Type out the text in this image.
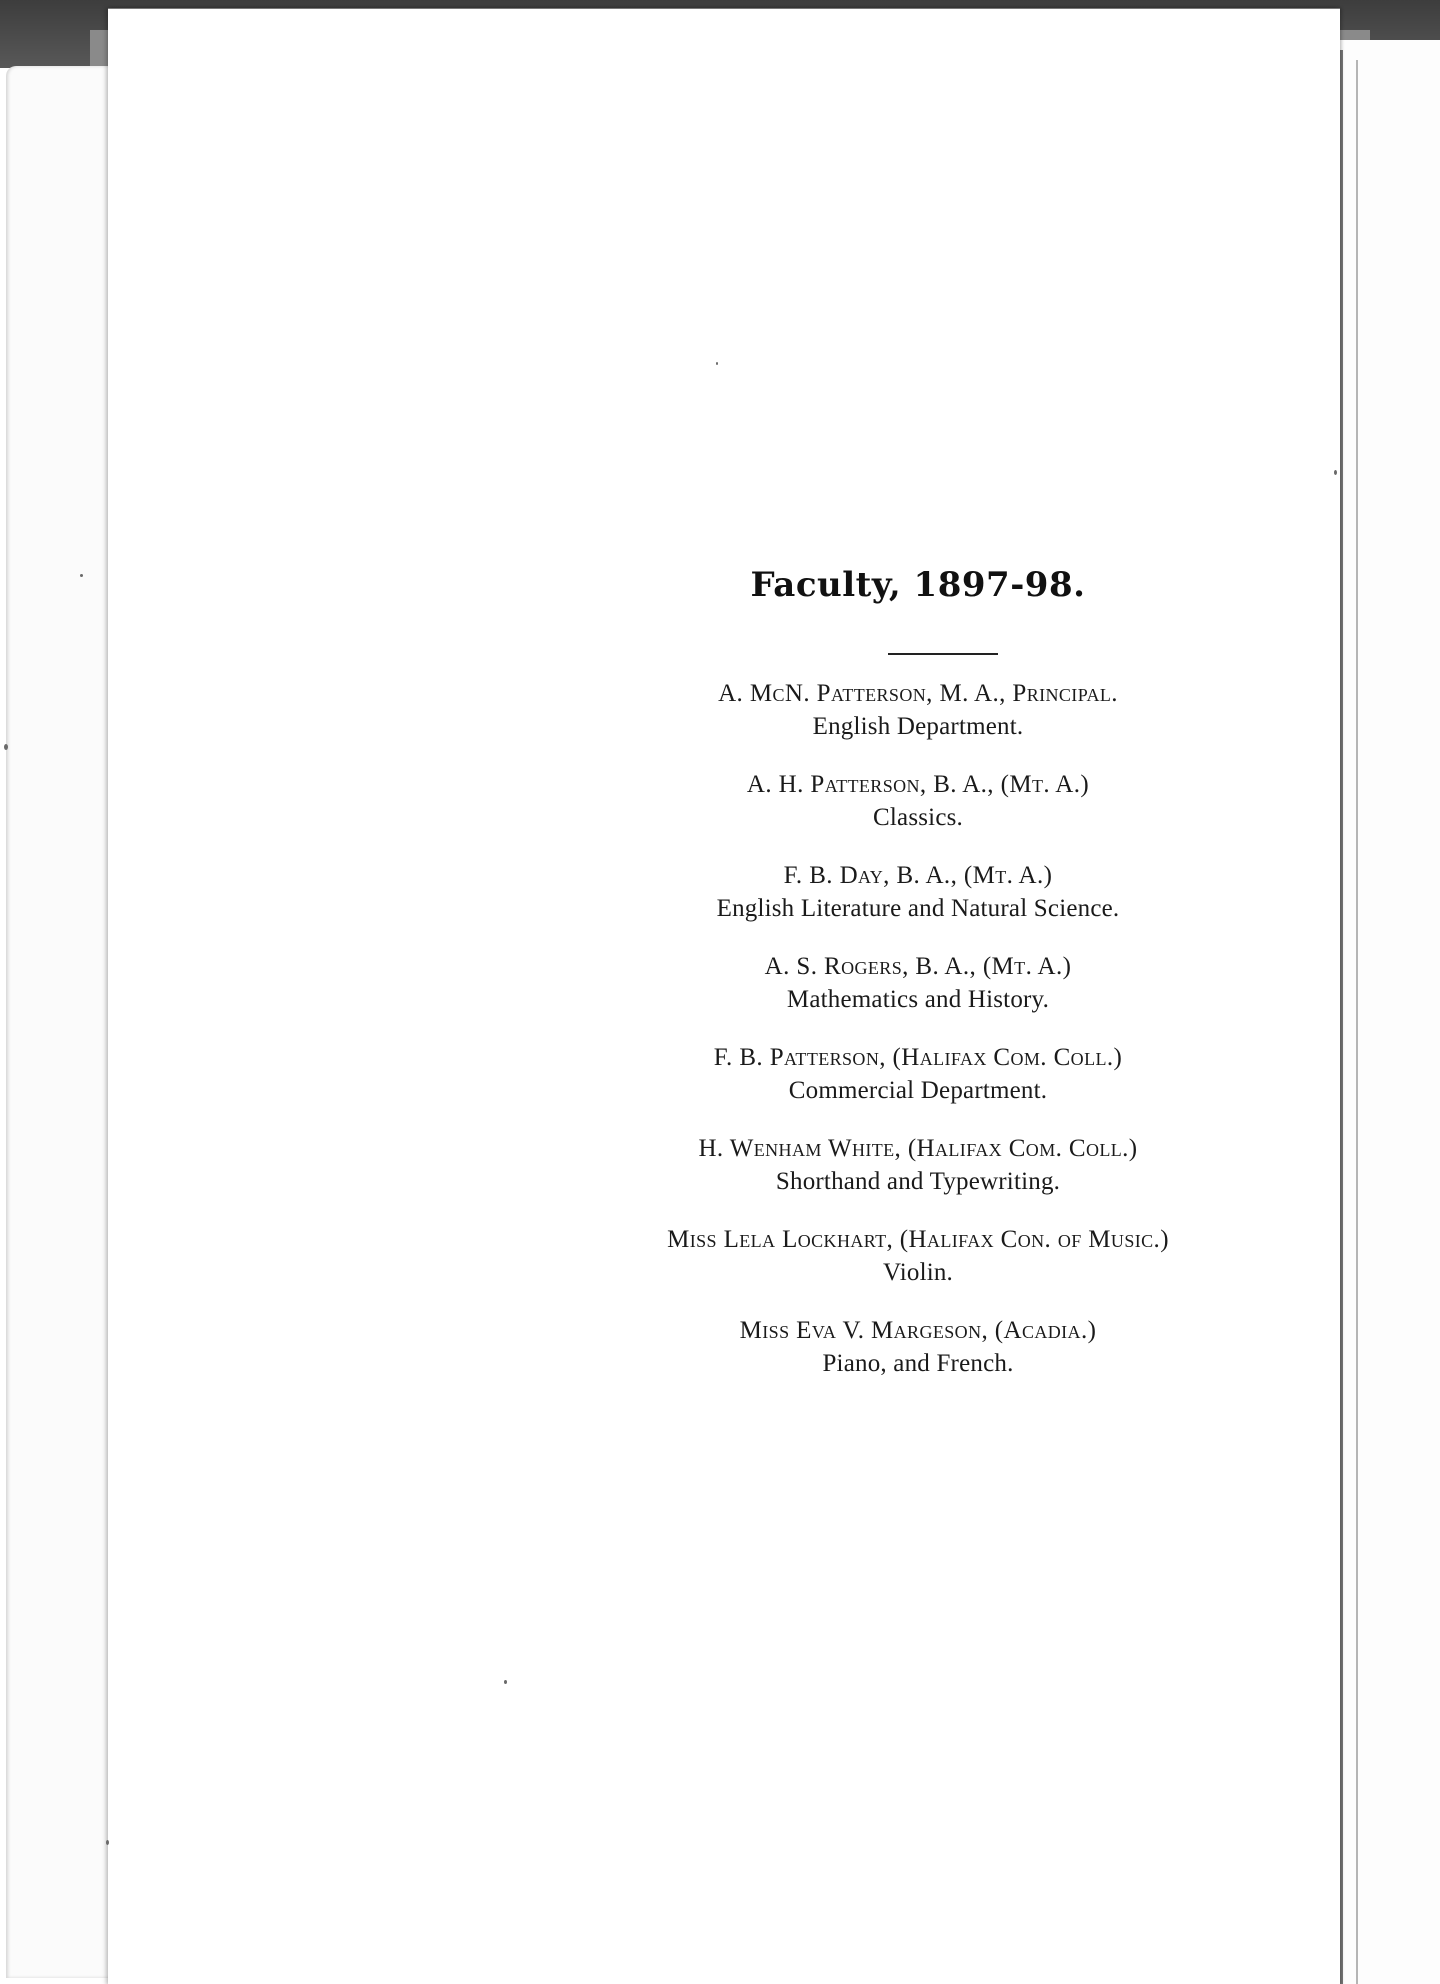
Faculty, 1897-98.
A. McN. Patterson, M. A., Principal.
English Department.
A. H. Patterson, B. A., (Mt. A.)
Classics.
F. B. Day, B. A., (Mt. A.)
English Literature and Natural Science.
A. S. Rogers, B. A., (Mt. A.)
Mathematics and History.
F. B. Patterson, (Halifax Com. Coll.)
Commercial Department.
H. Wenham White, (Halifax Com. Coll.)
Shorthand and Typewriting.
Miss Lela Lockhart, (Halifax Con. of Music.)
Violin.
Miss Eva V. Margeson, (Acadia.)
Piano, and French.
